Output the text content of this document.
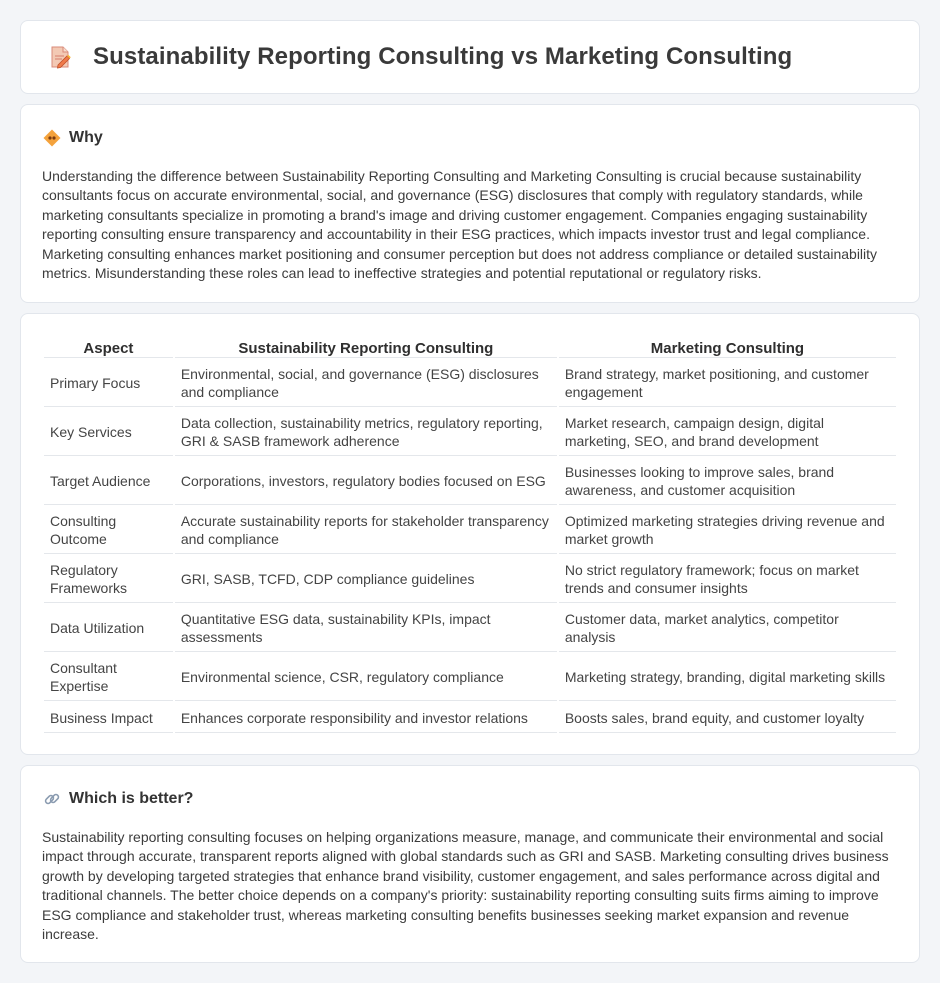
Sustainability Reporting Consulting vs Marketing Consulting
Why

Understanding the difference between Sustainability Reporting Consulting and Marketing Consulting is crucial because sustainability consultants focus on accurate environmental, social, and governance (ESG) disclosures that comply with regulatory standards, while marketing consultants specialize in promoting a brand's image and driving customer engagement. Companies engaging sustainability reporting consulting ensure transparency and accountability in their ESG practices, which impacts investor trust and legal compliance. Marketing consulting enhances market positioning and consumer perception but does not address compliance or detailed sustainability metrics. Misunderstanding these roles can lead to ineffective strategies and potential reputational or regulatory risks.

Aspect	Sustainability Reporting Consulting	Marketing Consulting
Primary Focus	Environmental, social, and governance (ESG) disclosures and compliance	Brand strategy, market positioning, and customer engagement
Key Services	Data collection, sustainability metrics, regulatory reporting, GRI & SASB framework adherence	Market research, campaign design, digital marketing, SEO, and brand development
Target Audience	Corporations, investors, regulatory bodies focused on ESG	Businesses looking to improve sales, brand awareness, and customer acquisition
Consulting Outcome	Accurate sustainability reports for stakeholder transparency and compliance	Optimized marketing strategies driving revenue and market growth
Regulatory Frameworks	GRI, SASB, TCFD, CDP compliance guidelines	No strict regulatory framework; focus on market trends and consumer insights
Data Utilization	Quantitative ESG data, sustainability KPIs, impact assessments	Customer data, market analytics, competitor analysis
Consultant Expertise	Environmental science, CSR, regulatory compliance	Marketing strategy, branding, digital marketing skills
Business Impact	Enhances corporate responsibility and investor relations	Boosts sales, brand equity, and customer loyalty
Which is better?

Sustainability reporting consulting focuses on helping organizations measure, manage, and communicate their environmental and social impact through accurate, transparent reports aligned with global standards such as GRI and SASB. Marketing consulting drives business growth by developing targeted strategies that enhance brand visibility, customer engagement, and sales performance across digital and traditional channels. The better choice depends on a company's priority: sustainability reporting consulting suits firms aiming to improve ESG compliance and stakeholder trust, whereas marketing consulting benefits businesses seeking market expansion and revenue increase.
